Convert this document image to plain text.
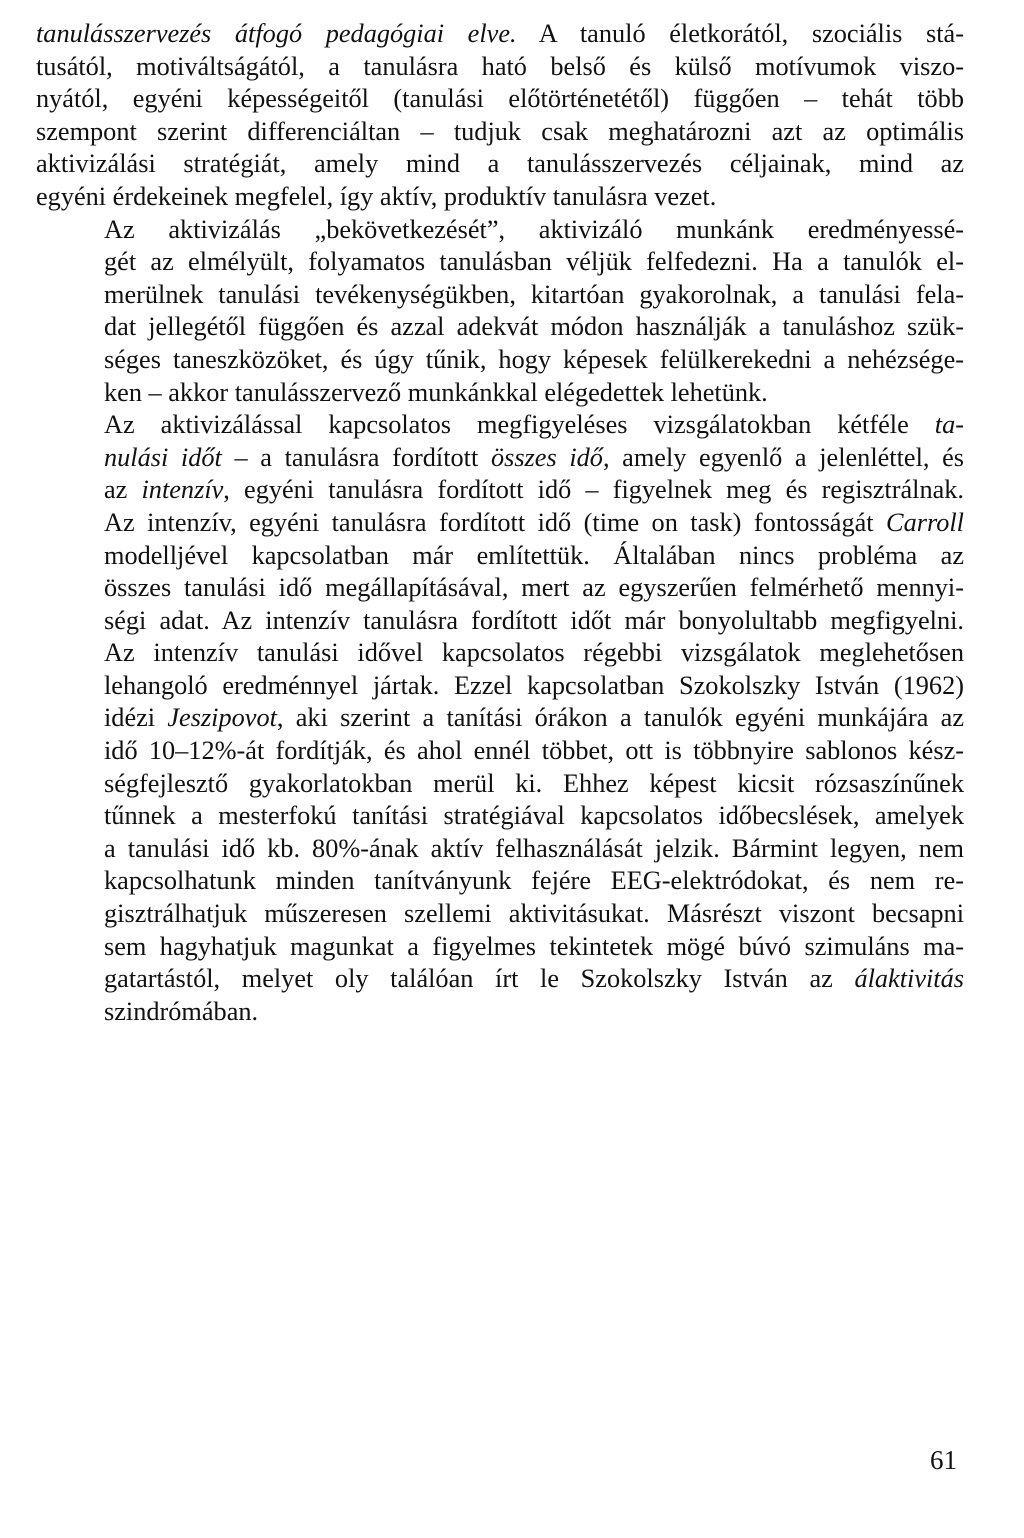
tanulásszervezés átfogó pedagógiai elve. A tanuló életkorától, szociális stá-
tusától, motiváltságától, a tanulásra ható belső és külső motívumok viszo-
nyától, egyéni képességeitől (tanulási előtörténetétől) függően – tehát több
szempont szerint differenciáltan – tudjuk csak meghatározni azt az optimális
aktivizálási stratégiát, amely mind a tanulásszervezés céljainak, mind az
egyéni érdekeinek megfelel, így aktív, produktív tanulásra vezet.

Az aktivizálás „bekövetkezését”, aktivizáló munkánk eredményessé-
gét az elmélyült, folyamatos tanulásban véljük felfedezni. Ha a tanulók el-
merülnek tanulási tevékenységükben, kitartóan gyakorolnak, a tanulási fela-
dat jellegétől függően és azzal adekvát módon használják a tanuláshoz szük-
séges taneszközöket, és úgy tűnik, hogy képesek felülkerekedni a nehézsége-
ken – akkor tanulásszervező munkánkkal elégedettek lehetünk.

Az aktivizálással kapcsolatos megfigyeléses vizsgálatokban kétféle ta-
nulási időt – a tanulásra fordított összes idő, amely egyenlő a jelenléttel, és
az intenzív, egyéni tanulásra fordított idő – figyelnek meg és regisztrálnak.
Az intenzív, egyéni tanulásra fordított idő (time on task) fontosságát Carroll
modelljével kapcsolatban már említettük. Általában nincs probléma az
összes tanulási idő megállapításával, mert az egyszerűen felmérhető mennyi-
ségi adat. Az intenzív tanulásra fordított időt már bonyolultabb megfigyelni.
Az intenzív tanulási idővel kapcsolatos régebbi vizsgálatok meglehetősen
lehangoló eredménnyel jártak. Ezzel kapcsolatban Szokolszky István (1962)
idézi Jeszipovot, aki szerint a tanítási órákon a tanulók egyéni munkájára az
idő 10–12%-át fordítják, és ahol ennél többet, ott is többnyire sablonos kész-
ségfejlesztő gyakorlatokban merül ki. Ehhez képest kicsit rózsaszínűnek
tűnnek a mesterfokú tanítási stratégiával kapcsolatos időbecslések, amelyek
a tanulási idő kb. 80%-ának aktív felhasználását jelzik. Bármint legyen, nem
kapcsolhatunk minden tanítványunk fejére EEG-elektródokat, és nem re-
gisztrálhatjuk műszeresen szellemi aktivitásukat. Másrészt viszont becsapni
sem hagyhatjuk magunkat a figyelmes tekintetek mögé búvó szimuláns ma-
gatartástól, melyet oly találóan írt le Szokolszky István az álaktivitás
szindrómában.

61
